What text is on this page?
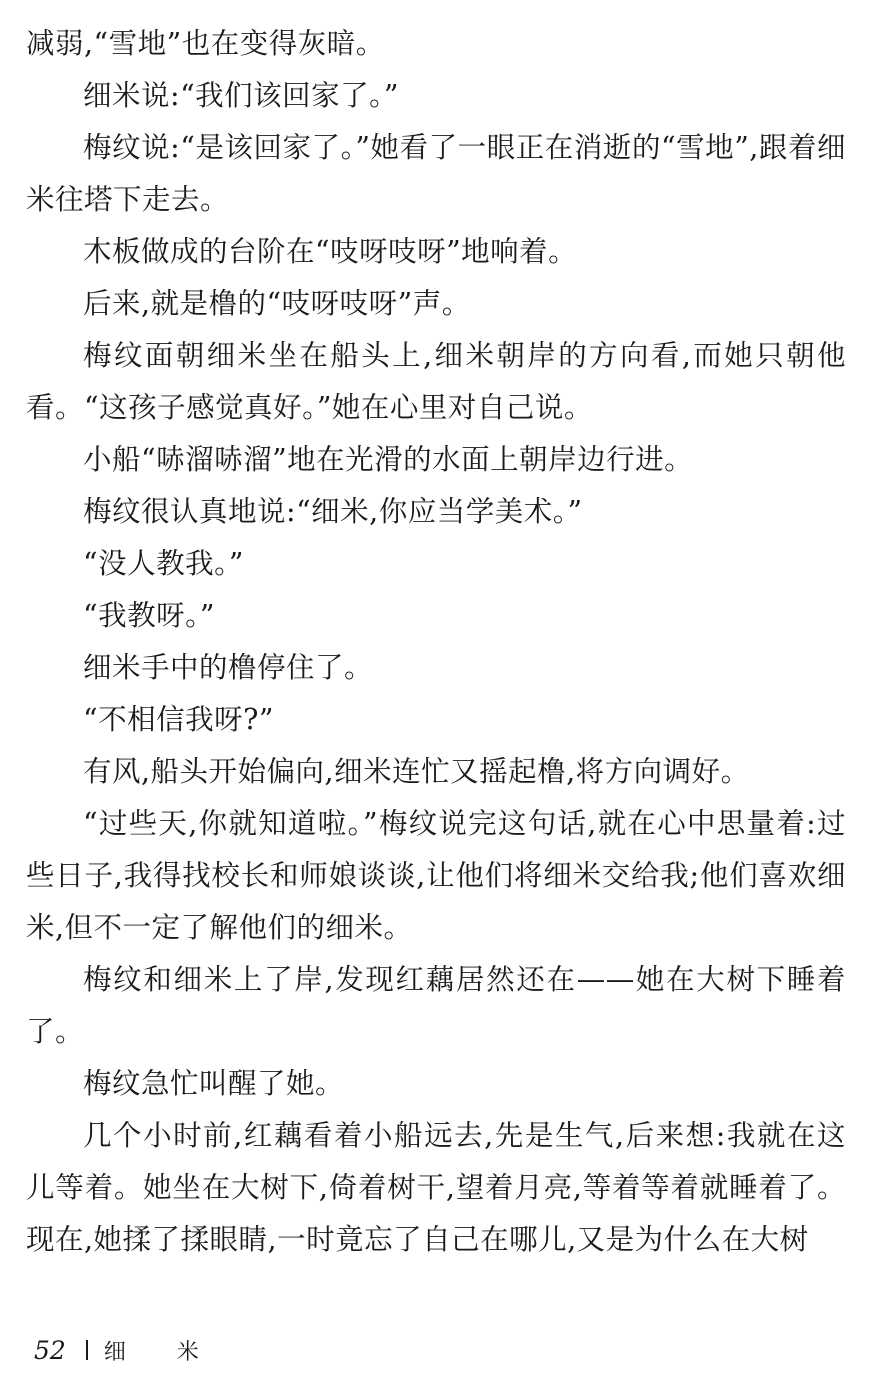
减弱,“雪地”也在变得灰暗。

细米说:“我们该回家了。”

梅纹说:“是该回家了。”她看了一眼正在消逝的“雪地”,跟着细米往塔下走去。

木板做成的台阶在“吱呀吱呀”地响着。

后来,就是橹的“吱呀吱呀”声。

梅纹面朝细米坐在船头上,细米朝岸的方向看,而她只朝他看。“这孩子感觉真好。”她在心里对自己说。

小船“哧溜哧溜”地在光滑的水面上朝岸边行进。

梅纹很认真地说:“细米,你应当学美术。”

“没人教我。”

“我教呀。”

细米手中的橹停住了。

“不相信我呀?”

有风,船头开始偏向,细米连忙又摇起橹,将方向调好。

“过些天,你就知道啦。”梅纹说完这句话,就在心中思量着:过些日子,我得找校长和师娘谈谈,让他们将细米交给我;他们喜欢细米,但不一定了解他们的细米。

梅纹和细米上了岸,发现红藕居然还在——她在大树下睡着了。

梅纹急忙叫醒了她。

几个小时前,红藕看着小船远去,先是生气,后来想:我就在这儿等着。她坐在大树下,倚着树干,望着月亮,等着等着就睡着了。现在,她揉了揉眼睛,一时竟忘了自己在哪儿,又是为什么在大树

52 细 米
